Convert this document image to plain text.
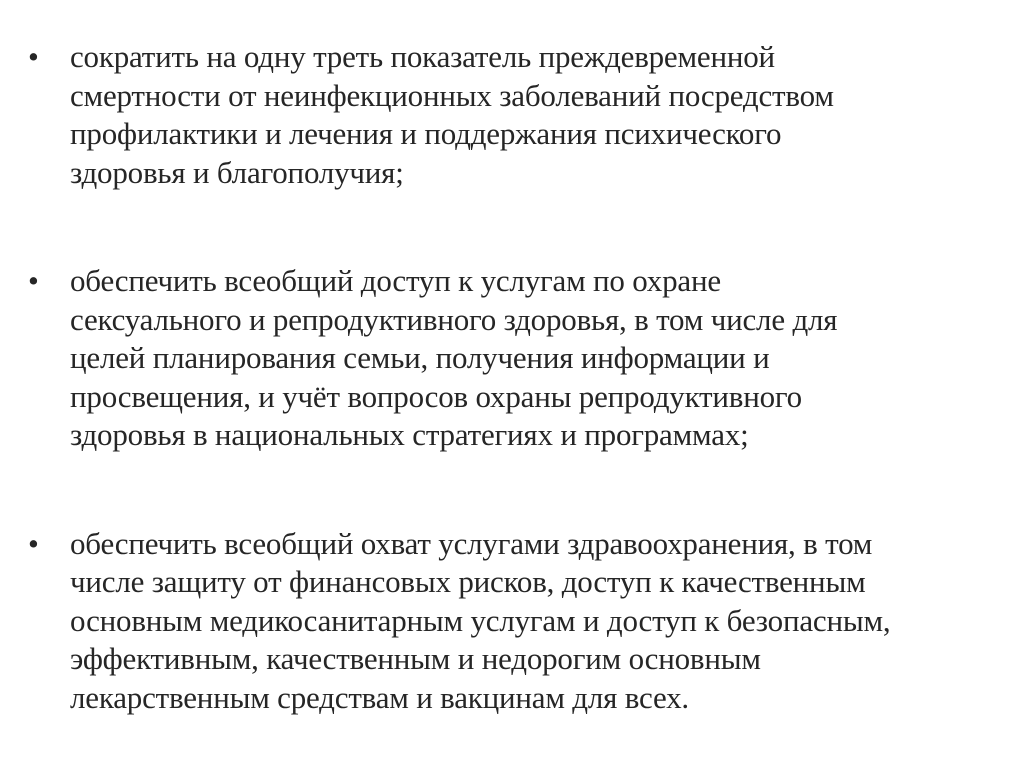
• сократить на одну треть показатель преждевременной
смертности от неинфекционных заболеваний посредством
профилактики и лечения и поддержания психического
здоровья и благополучия;
• обеспечить всеобщий доступ к услугам по охране
сексуального и репродуктивного здоровья, в том числе для
целей планирования семьи, получения информации и
просвещения, и учёт вопросов охраны репродуктивного
здоровья в национальных стратегиях и программах;
• обеспечить всеобщий охват услугами здравоохранения, в том
числе защиту от финансовых рисков, доступ к качественным
основным медикосанитарным услугам и доступ к безопасным,
эффективным, качественным и недорогим основным
лекарственным средствам и вакцинам для всех.
